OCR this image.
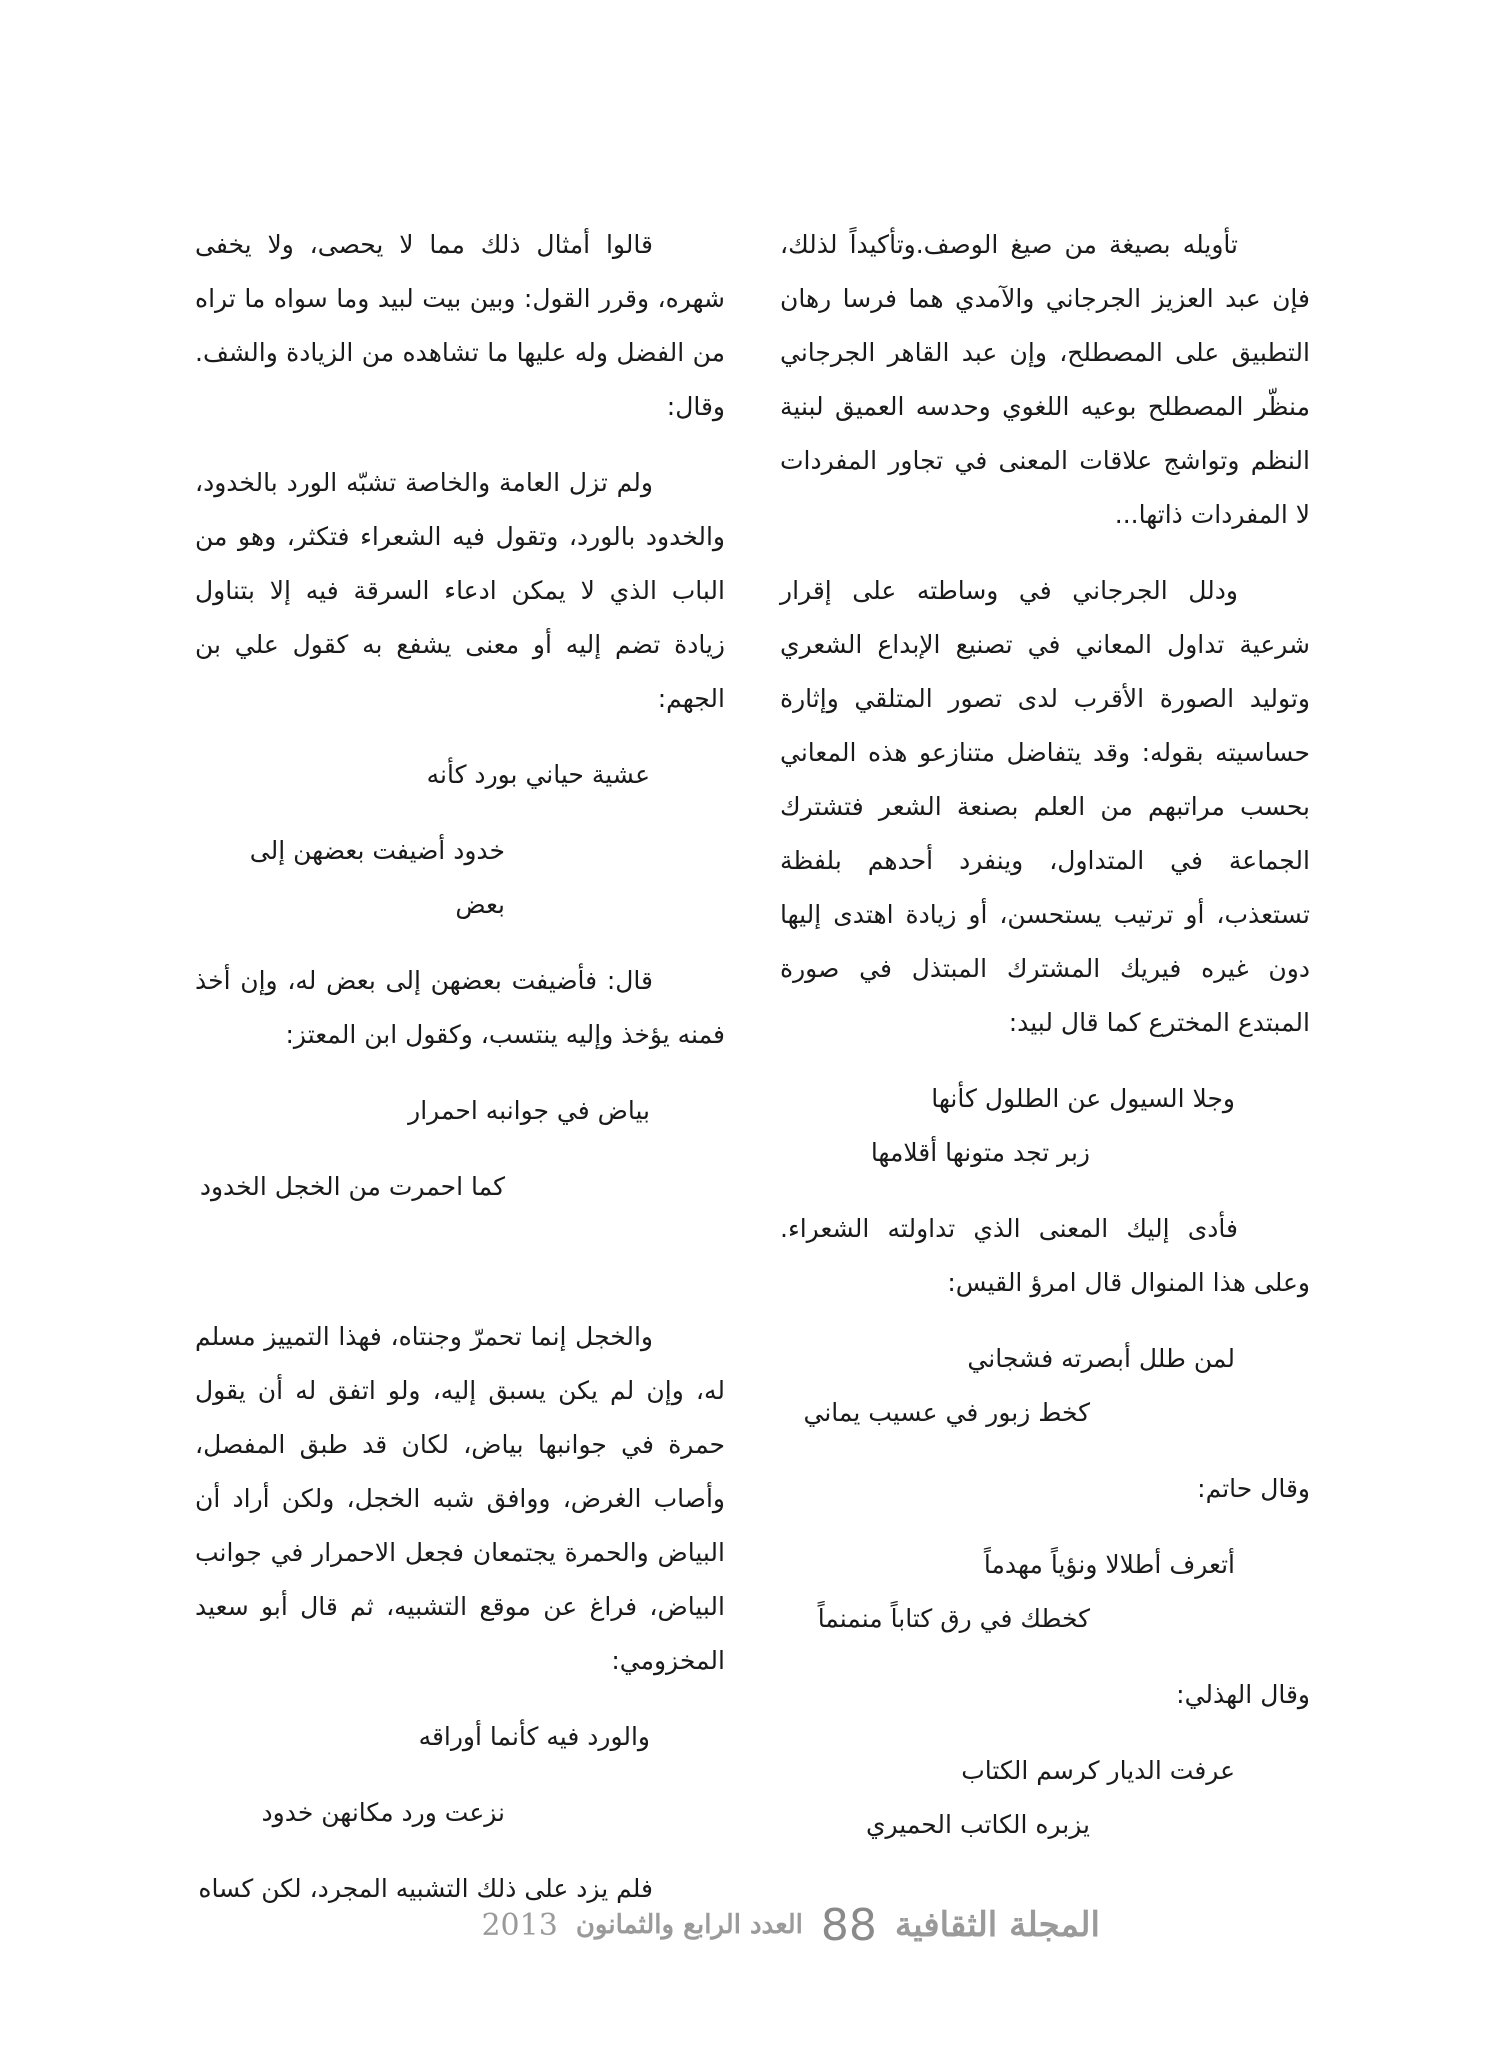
تأويله بصيغة من صيغ الوصف.وتأكيداً لذلك، فإن عبد العزيز الجرجاني والآمدي هما فرسا رهان التطبيق على المصطلح، وإن عبد القاهر الجرجاني منظّر المصطلح بوعيه اللغوي وحدسه العميق لبنية النظم وتواشج علاقات المعنى في تجاور المفردات لا المفردات ذاتها...

ودلل الجرجاني في وساطته على إقرار شرعية تداول المعاني في تصنيع الإبداع الشعري وتوليد الصورة الأقرب لدى تصور المتلقي وإثارة حساسيته بقوله: وقد يتفاضل متنازعو هذه المعاني بحسب مراتبهم من العلم بصنعة الشعر فتشترك الجماعة في المتداول، وينفرد أحدهم بلفظة تستعذب، أو ترتيب يستحسن، أو زيادة اهتدى إليها دون غيره فيريك المشترك المبتذل في صورة المبتدع المخترع كما قال لبيد:

وجلا السيول عن الطلول كأنها

زبر تجد متونها أقلامها

فأدى إليك المعنى الذي تداولته الشعراء. وعلى هذا المنوال قال امرؤ القيس:

لمن طلل أبصرته فشجاني

كخط زبور في عسيب يماني

وقال حاتم:

أتعرف أطلالا ونؤياً مهدماً

كخطك في رق كتاباً منمنماً

وقال الهذلي:

عرفت الديار كرسم الكتاب

يزبره الكاتب الحميري

قالوا أمثال ذلك مما لا يحصى، ولا يخفى شهره، وقرر القول: وبين بيت لبيد وما سواه ما تراه من الفضل وله عليها ما تشاهده من الزيادة والشف. وقال:

ولم تزل العامة والخاصة تشبّه الورد بالخدود، والخدود بالورد، وتقول فيه الشعراء فتكثر، وهو من الباب الذي لا يمكن ادعاء السرقة فيه إلا بتناول زيادة تضم إليه أو معنى يشفع به كقول علي بن الجهم:

عشية حياني بورد كأنه

خدود أضيفت بعضهن إلى بعض

قال: فأضيفت بعضهن إلى بعض له، وإن أخذ فمنه يؤخذ وإليه ينتسب، وكقول ابن المعتز:

بياض في جوانبه احمرار

كما احمرت من الخجل الخدود

والخجل إنما تحمرّ وجنتاه، فهذا التمييز مسلم له، وإن لم يكن يسبق إليه، ولو اتفق له أن يقول حمرة في جوانبها بياض، لكان قد طبق المفصل، وأصاب الغرض، ووافق شبه الخجل، ولكن أراد أن البياض والحمرة يجتمعان فجعل الاحمرار في جوانب البياض، فراغ عن موقع التشبيه، ثم قال أبو سعيد المخزومي:

والورد فيه كأنما أوراقه

نزعت ورد مكانهن خدود

فلم يزد على ذلك التشبيه المجرد، لكن كساه

المجلة الثقافية
88
العدد الرابع والثمانون
2013
